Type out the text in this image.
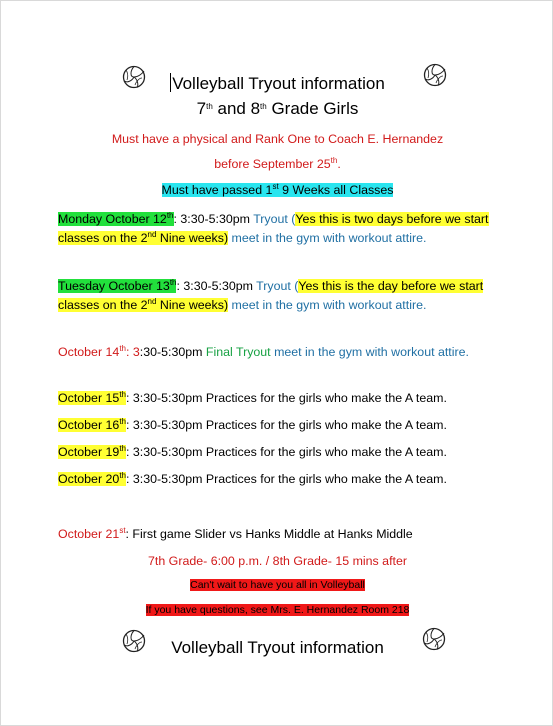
Volleyball Tryout information
7th and 8th Grade Girls
Must have a physical and Rank One to Coach E. Hernandez
before September 25th.
Must have passed 1st 9 Weeks all Classes
Monday October 12th: 3:30-5:30pm Tryout (Yes this is two days before we start classes on the 2nd Nine weeks) meet in the gym with workout attire.
Tuesday October 13th: 3:30-5:30pm Tryout (Yes this is the day before we start classes on the 2nd Nine weeks) meet in the gym with workout attire.
October 14th: 3:30-5:30pm Final Tryout meet in the gym with workout attire.
October 15th: 3:30-5:30pm Practices for the girls who make the A team.
October 16th: 3:30-5:30pm Practices for the girls who make the A team.
October 19th: 3:30-5:30pm Practices for the girls who make the A team.
October 20th: 3:30-5:30pm Practices for the girls who make the A team.
October 21st: First game Slider vs Hanks Middle at Hanks Middle
7th Grade- 6:00 p.m. / 8th Grade- 15 mins after
Can't wait to have you all in Volleyball
If you have questions, see Mrs. E. Hernandez Room 218
Volleyball Tryout information
